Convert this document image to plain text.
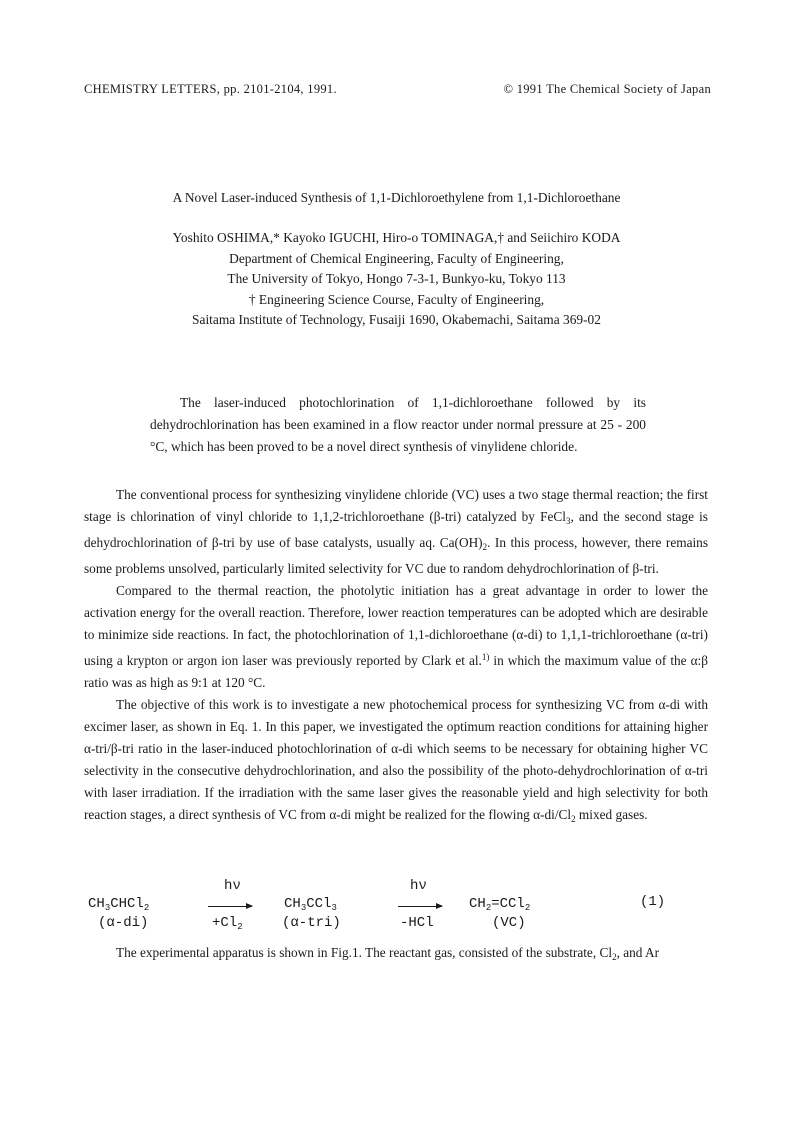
CHEMISTRY LETTERS, pp. 2101-2104, 1991.	© 1991 The Chemical Society of Japan
A Novel Laser-induced Synthesis of 1,1-Dichloroethylene from 1,1-Dichloroethane
Yoshito OSHIMA,* Kayoko IGUCHI, Hiro-o TOMINAGA,† and Seiichiro KODA
Department of Chemical Engineering, Faculty of Engineering,
The University of Tokyo, Hongo 7-3-1, Bunkyo-ku, Tokyo 113
† Engineering Science Course, Faculty of Engineering,
Saitama Institute of Technology, Fusaiji 1690, Okabemachi, Saitama 369-02
The laser-induced photochlorination of 1,1-dichloroethane followed by its dehydrochlorination has been examined in a flow reactor under normal pressure at 25 - 200 °C, which has been proved to be a novel direct synthesis of vinylidene chloride.

The conventional process for synthesizing vinylidene chloride (VC) uses a two stage thermal reaction; the first stage is chlorination of vinyl chloride to 1,1,2-trichloroethane (β-tri) catalyzed by FeCl$_3$, and the second stage is dehydrochlorination of β-tri by use of base catalysts, usually aq. $Ca(OH)_2$. In this process, however, there remains some problems unsolved, particularly limited selectivity for VC due to random dehydrochlorination of β-tri.

Compared to the thermal reaction, the photolytic initiation has a great advantage in order to lower the activation energy for the overall reaction. Therefore, lower reaction temperatures can be adopted which are desirable to minimize side reactions. In fact, the photochlorination of 1,1-dichloroethane (α-di) to 1,1,1-trichloroethane (α-tri) using a krypton or argon ion laser was previously reported by Clark et al.$^{1)}$ in which the maximum value of the α:β ratio was as high as 9:1 at 120 °C.

The objective of this work is to investigate a new photochemical process for synthesizing VC from α-di with excimer laser, as shown in Eq. 1. In this paper, we investigated the optimum reaction conditions for attaining higher α-tri/β-tri ratio in the laser-induced photochlorination of α-di which seems to be necessary for obtaining higher VC selectivity in the consecutive dehydrochlorination, and also the possibility of the photo-dehydrochlorination of α-tri with laser irradiation. If the irradiation with the same laser gives the reasonable yield and high selectivity for both reaction stages, a direct synthesis of VC from α-di might be realized for the flowing $\alpha-di/Cl_2$ mixed gases.

$CH_3CHCl_2$
(α-di)
hν
$+Cl_2$
$CH_3CCl_3$
(α-tri)
hν
-HCl
$CH_2=CCl_2$
(VC)
(1)
The experimental apparatus is shown in Fig.1. The reactant gas, consisted of the substrate, $Cl_2$, and Ar
